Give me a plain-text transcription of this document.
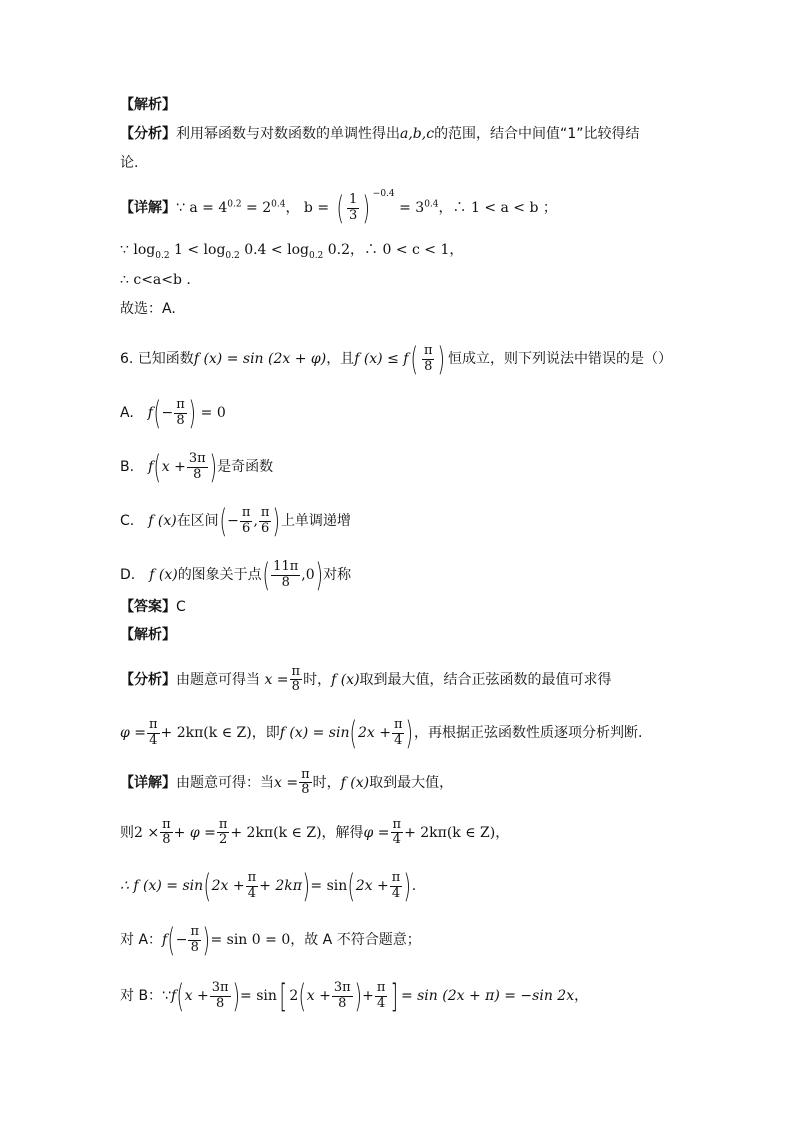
【解析】
【分析】利用幂函数与对数函数的单调性得出a,b,c的范围，结合中间值“1”比较得结
论.
【详解】∵ $a = 4^{0.2} = 2^{0.4}$， b = ( $\frac{1}{3}$ ) $^{-0.4} = 3^{0.4}$，∴ 1 < a < b ；
∵ $\log_{0.2} 1 < \log_{0.2} 0.4 < \log_{0.2} 0.2$，∴ 0 < c < 1，
∴ c<a<b .
故选：A.
6. 已知函数f (x) = sin (2x + φ)，且f $(x) \le f( \frac{\pi}{8}$ ) 恒成立，则下列说法中错误的是（）
A. $f(- \frac{\pi}{8}$ ) = 0
B. $f(x + \frac{3\pi}{8}$ )是奇函数
C. f (x)在区间(− $\frac{\pi}{6}$ , $\frac{\pi}{6}$ )上单调递增
D. f (x)的图象关于点( $\frac{11\pi}{8} ,0$)对称
【答案】C
【解析】
【分析】由题意可得当 $x = \frac{\pi}{8}$ 时，f (x)取到最大值，结合正弦函数的最值可求得
$\varphi = \frac{\pi}{4} + 2k\pi(k$ ∈ Z)，即f $(x) = \sin(2x + \frac{\pi}{4}$ )，再根据正弦函数性质逐项分析判断.
【详解】由题意可得：当$x = \frac{\pi}{8}$ 时，f (x)取到最大值，
则$2 \times \frac{\pi}{8} + \varphi = \frac{\pi}{2} + 2k\pi(k$ ∈ Z)，解得$\varphi = \frac{\pi}{4} + 2k\pi(k$ ∈ Z)，
∴ f $(x) = \sin(2x + \frac{\pi}{4} + 2k\pi)= \sin(2x + \frac{\pi}{4}$ ).
对 A：$f(- \frac{\pi}{8}$ )= sin 0 = 0，故 A 不符合题意；
对 B：∵f(x + $\frac{3\pi}{8}$ )= sin[ $2(x + \frac{3\pi}{8}$ )+ $\frac{\pi}{4}$ ] = sin (2x + π) = −sin 2x，
